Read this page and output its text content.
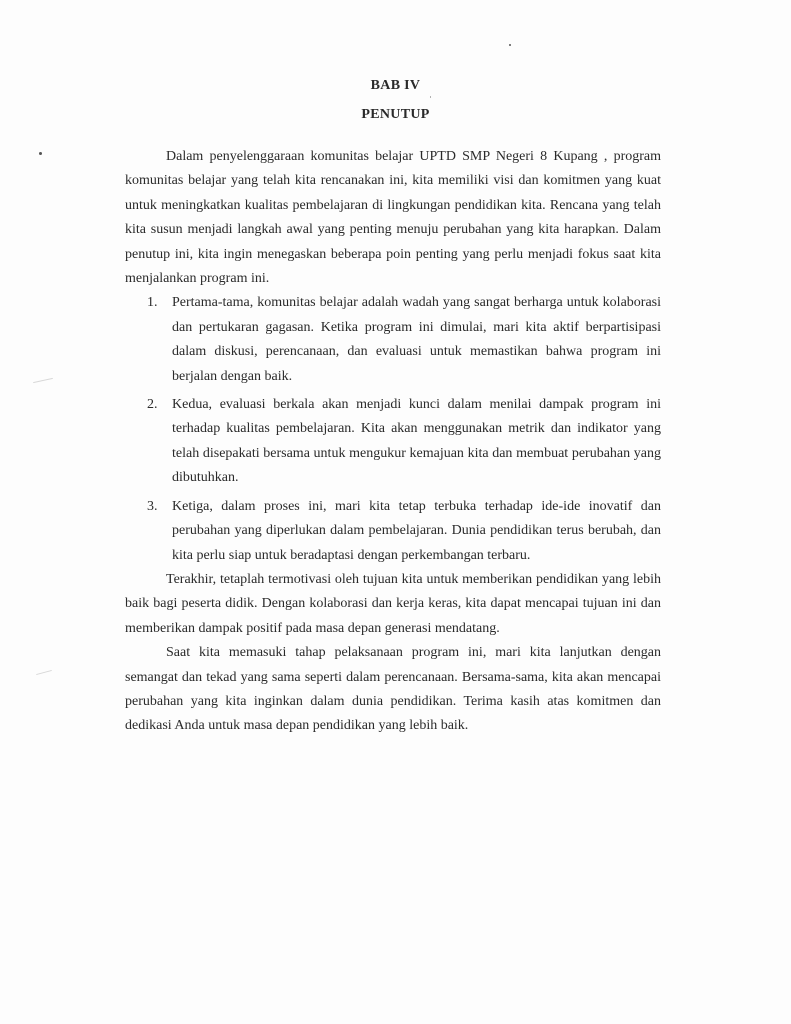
BAB IV
PENUTUP

Dalam penyelenggaraan komunitas belajar UPTD SMP Negeri 8 Kupang , program komunitas belajar yang telah kita rencanakan ini, kita memiliki visi dan komitmen yang kuat untuk meningkatkan kualitas pembelajaran di lingkungan pendidikan kita. Rencana yang telah kita susun menjadi langkah awal yang penting menuju perubahan yang kita harapkan. Dalam penutup ini, kita ingin menegaskan beberapa poin penting yang perlu menjadi fokus saat kita menjalankan program ini.

1. Pertama-tama, komunitas belajar adalah wadah yang sangat berharga untuk kolaborasi dan pertukaran gagasan. Ketika program ini dimulai, mari kita aktif berpartisipasi dalam diskusi, perencanaan, dan evaluasi untuk memastikan bahwa program ini berjalan dengan baik.
2. Kedua, evaluasi berkala akan menjadi kunci dalam menilai dampak program ini terhadap kualitas pembelajaran. Kita akan menggunakan metrik dan indikator yang telah disepakati bersama untuk mengukur kemajuan kita dan membuat perubahan yang dibutuhkan.
3. Ketiga, dalam proses ini, mari kita tetap terbuka terhadap ide-ide inovatif dan perubahan yang diperlukan dalam pembelajaran. Dunia pendidikan terus berubah, dan kita perlu siap untuk beradaptasi dengan perkembangan terbaru.

Terakhir, tetaplah termotivasi oleh tujuan kita untuk memberikan pendidikan yang lebih baik bagi peserta didik. Dengan kolaborasi dan kerja keras, kita dapat mencapai tujuan ini dan memberikan dampak positif pada masa depan generasi mendatang.

Saat kita memasuki tahap pelaksanaan program ini, mari kita lanjutkan dengan semangat dan tekad yang sama seperti dalam perencanaan. Bersama-sama, kita akan mencapai perubahan yang kita inginkan dalam dunia pendidikan. Terima kasih atas komitmen dan dedikasi Anda untuk masa depan pendidikan yang lebih baik.
